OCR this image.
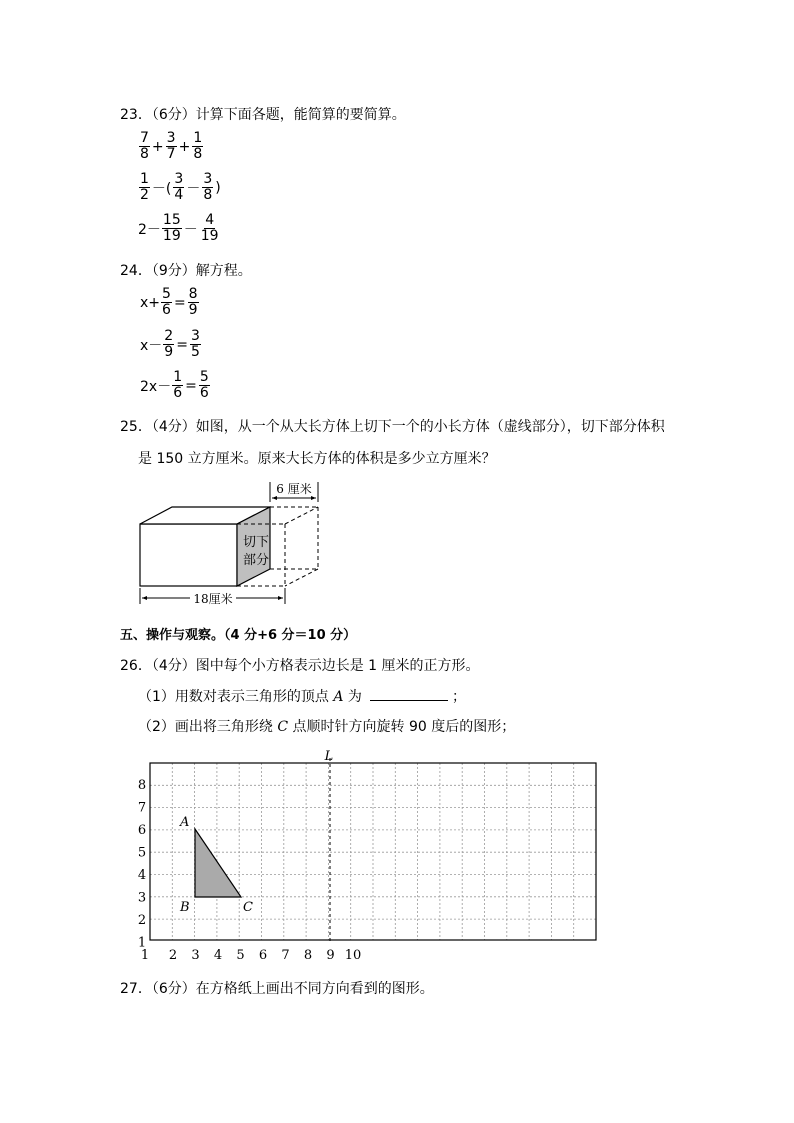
23．（6分）计算下面各题，能简算的要简算。
$\frac{7}{8} + \frac{3}{7} + \frac{1}{8}$
$\frac{1}{2}$ －( $\frac{3}{4} - \frac{3}{8}$ )
$2- \frac{15}{19} - \frac{4}{19}$
24．（9分）解方程。
$x+ \frac{5}{6} = \frac{8}{9}$
$x- \frac{2}{9} = \frac{3}{5}$
$2x- \frac{1}{6} = \frac{5}{6}$
25．（4分）如图，从一个从大长方体上切下一个的小长方体（虚线部分），切下部分体积
是 150 立方厘米。原来大长方体的体积是多少立方厘米？
6 厘米
切下
部分
18厘米
五、操作与观察。（4 分+6 分＝10 分）
26．（4分）图中每个小方格表示边长是 1 厘米的正方形。
（1）用数对表示三角形的顶点 A 为	；
（2）画出将三角形绕 C 点顺时针方向旋转 90 度后的图形；
L
A
B	C
8
7
6
5
4
3
2
1
2 3 4 5 6 7 8 9 10
1
27．（6分）在方格纸上画出不同方向看到的图形。
